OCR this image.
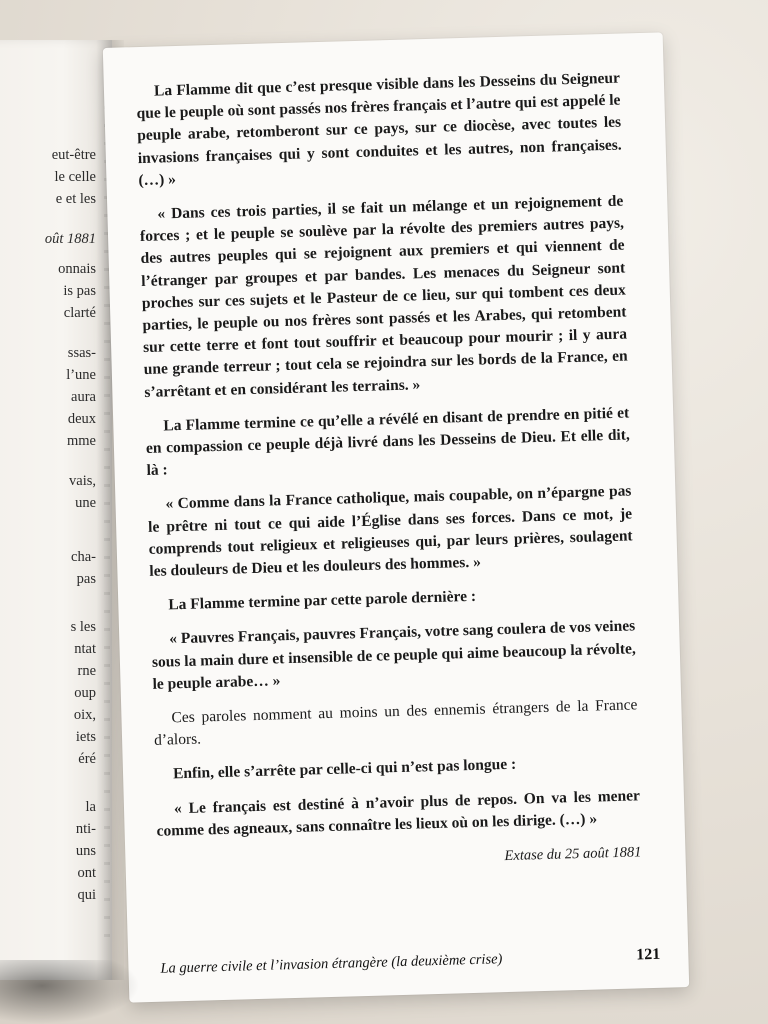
eut-être
le celle
e et les
oût 1881
onnais
is pas
clarté
ssas-
l’une
aura
deux
mme
vais,
une
cha-
pas
s les
ntat
rne
oup
oix,
iets
éré
la
nti-
uns
ont
qui

La Flamme dit que c’est presque visible dans les Desseins du Seigneur que le peuple où sont passés nos frères français et l’autre qui est appelé le peuple arabe, retomberont sur ce pays, sur ce diocèse, avec toutes les invasions françaises qui y sont conduites et les autres, non françaises. (…) »

« Dans ces trois parties, il se fait un mélange et un rejoignement de forces ; et le peuple se soulève par la révolte des premiers autres pays, des autres peuples qui se rejoignent aux premiers et qui viennent de l’étranger par groupes et par bandes. Les menaces du Seigneur sont proches sur ces sujets et le Pasteur de ce lieu, sur qui tombent ces deux parties, le peuple ou nos frères sont passés et les Arabes, qui retombent sur cette terre et font tout souffrir et beaucoup pour mourir ; il y aura une grande terreur ; tout cela se rejoindra sur les bords de la France, en s’arrêtant et en considérant les terrains. »

La Flamme termine ce qu’elle a révélé en disant de prendre en pitié et en compassion ce peuple déjà livré dans les Desseins de Dieu. Et elle dit, là :

« Comme dans la France catholique, mais coupable, on n’épargne pas le prêtre ni tout ce qui aide l’Église dans ses forces. Dans ce mot, je comprends tout religieux et religieuses qui, par leurs prières, soulagent les douleurs de Dieu et les douleurs des hommes. »

La Flamme termine par cette parole dernière :

« Pauvres Français, pauvres Français, votre sang coulera de vos veines sous la main dure et insensible de ce peuple qui aime beaucoup la révolte, le peuple arabe… »

Ces paroles nomment au moins un des ennemis étrangers de la France d’alors.

Enfin, elle s’arrête par celle-ci qui n’est pas longue :

« Le français est destiné à n’avoir plus de repos. On va les mener comme des agneaux, sans connaître les lieux où on les dirige. (…) »

Extase du 25 août 1881
La guerre civile et l’invasion étrangère (la deuxième crise)	121
